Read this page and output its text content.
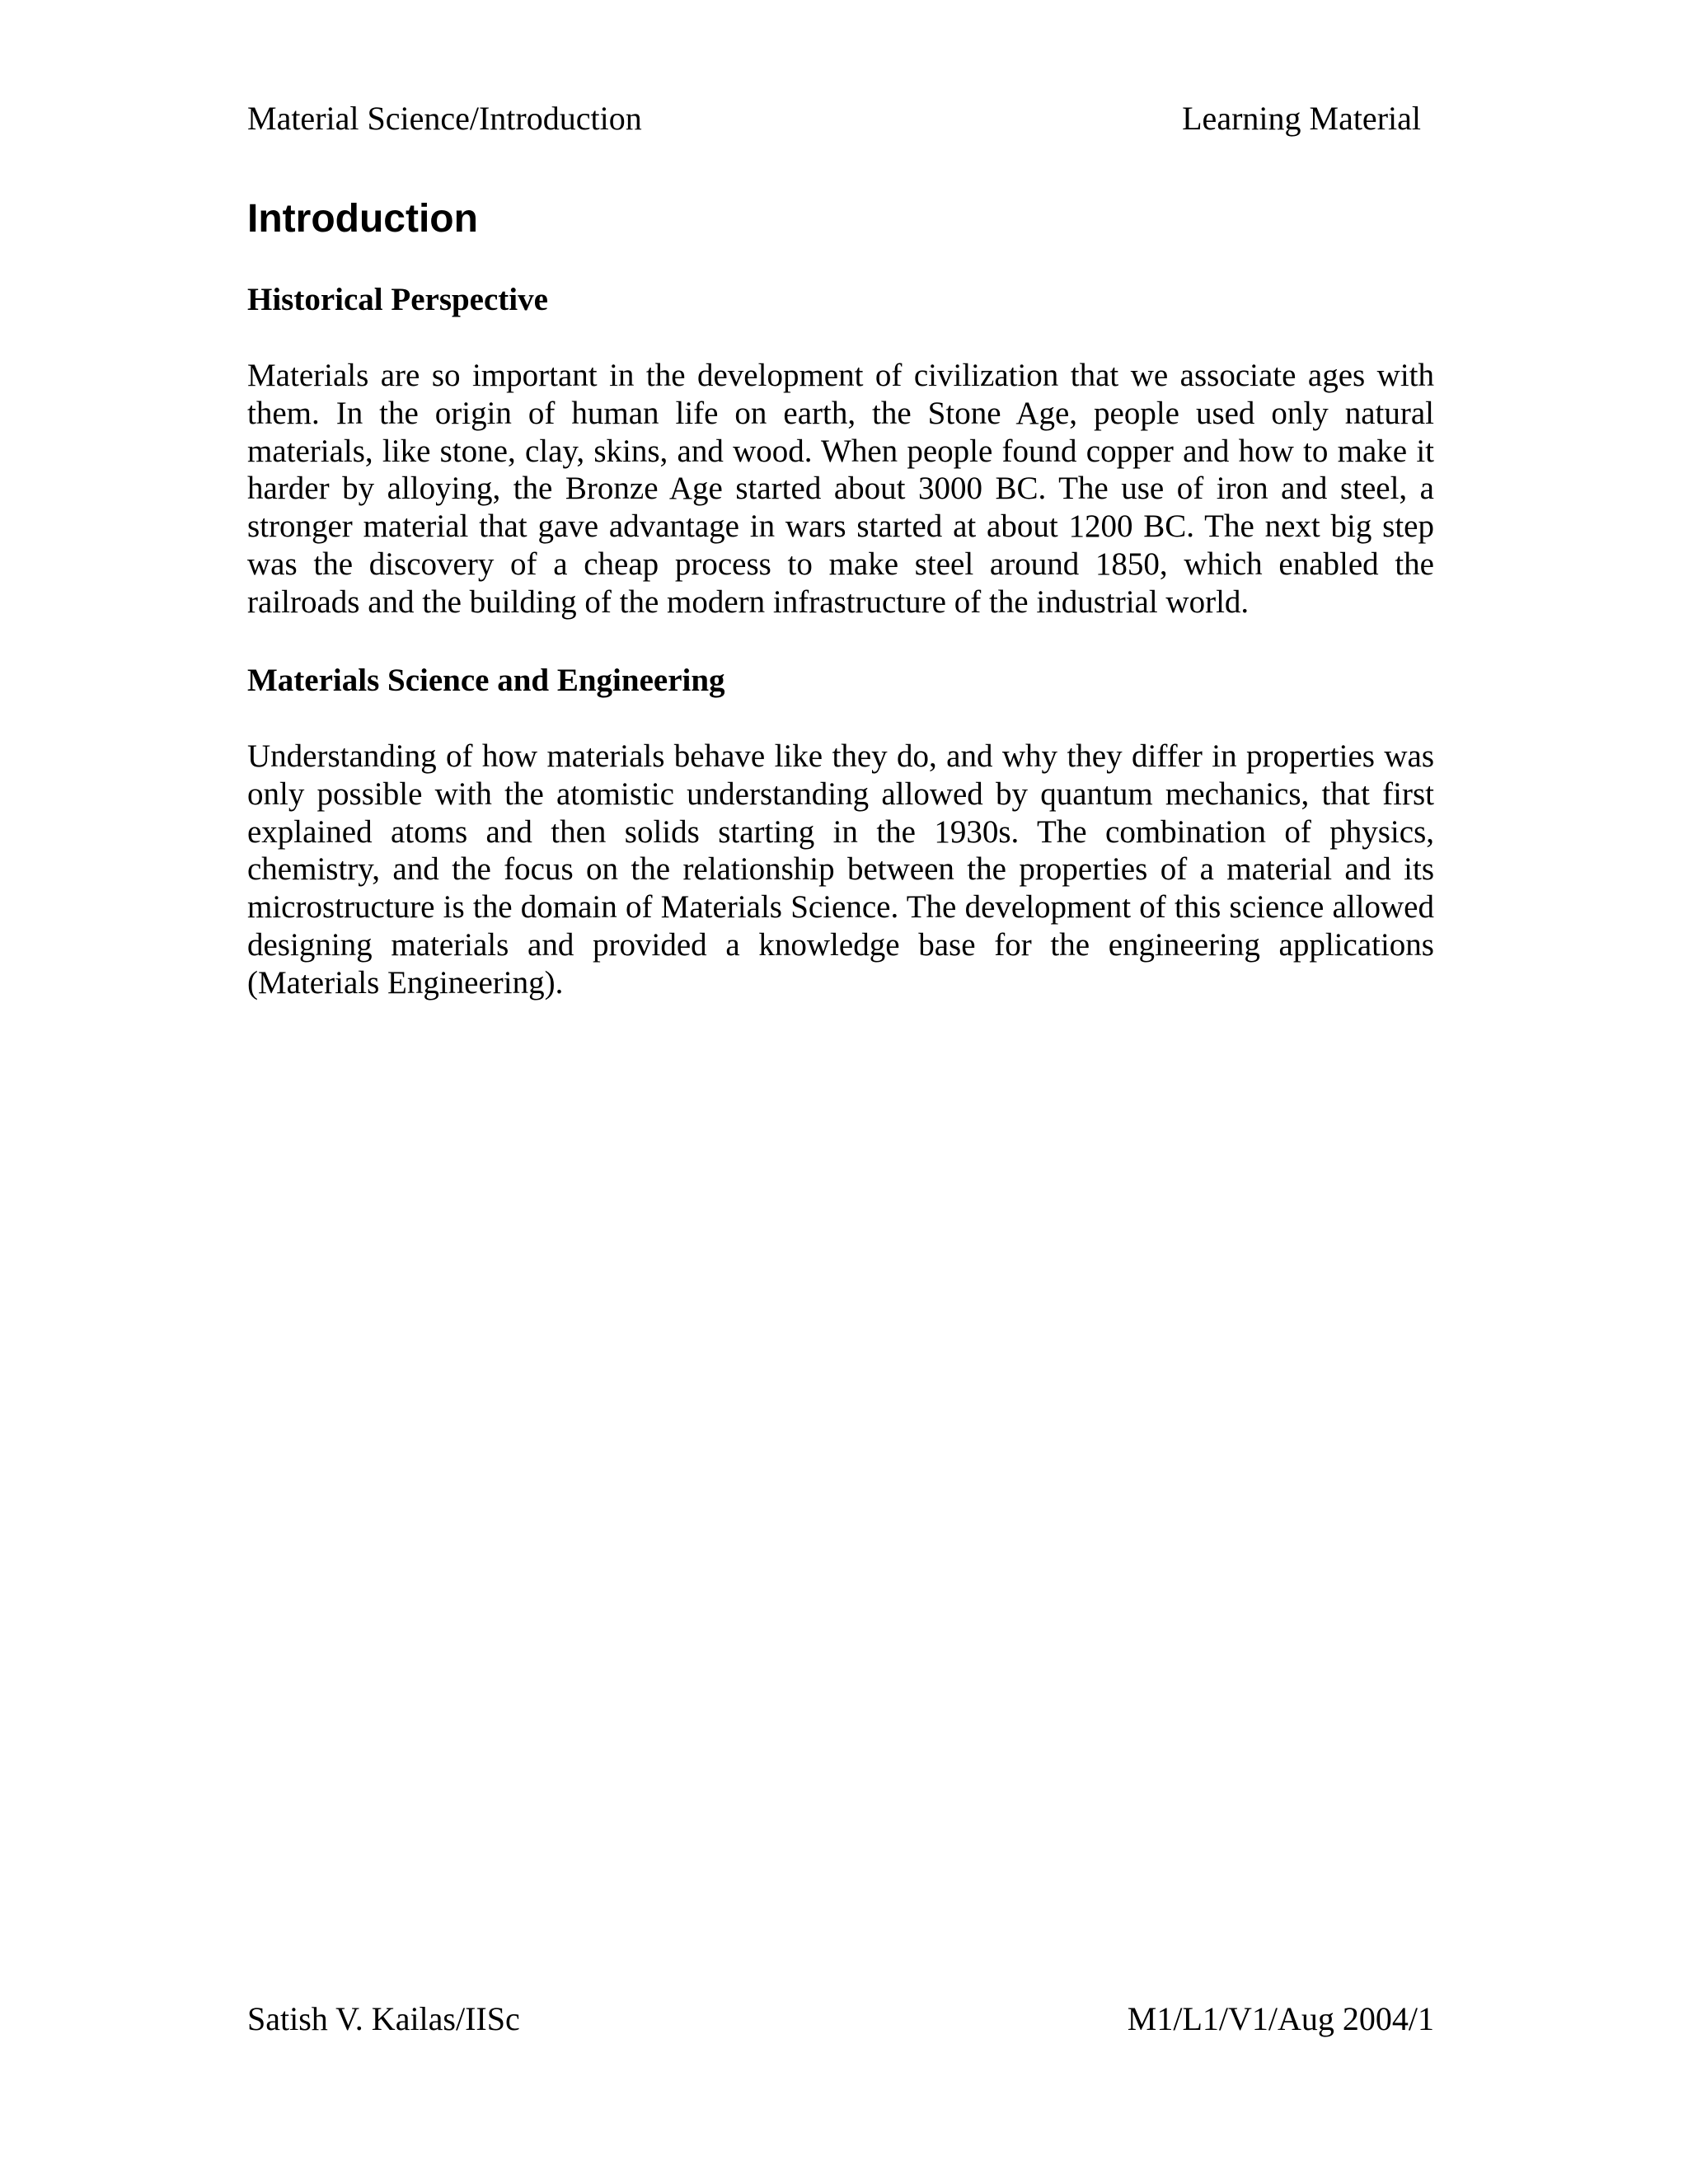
Material Science/Introduction	Learning Material
Introduction
Historical Perspective

Materials are so important in the development of civilization that we associate ages with them. In the origin of human life on earth, the Stone Age, people used only natural materials, like stone, clay, skins, and wood. When people found copper and how to make it harder by alloying, the Bronze Age started about 3000 BC. The use of iron and steel, a stronger material that gave advantage in wars started at about 1200 BC. The next big step was the discovery of a cheap process to make steel around 1850, which enabled the railroads and the building of the modern infrastructure of the industrial world.

Materials Science and Engineering

Understanding of how materials behave like they do, and why they differ in properties was only possible with the atomistic understanding allowed by quantum mechanics, that first explained atoms and then solids starting in the 1930s. The combination of physics, chemistry, and the focus on the relationship between the properties of a material and its microstructure is the domain of Materials Science. The development of this science allowed designing materials and provided a knowledge base for the engineering applications (Materials Engineering).

Satish V. Kailas/IISc	M1/L1/V1/Aug 2004/1
